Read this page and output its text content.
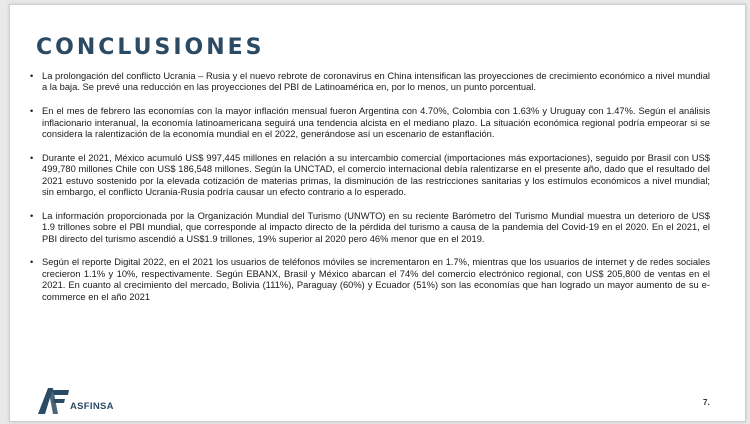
CONCLUSIONES
• La prolongación del conflicto Ucrania – Rusia y el nuevo rebrote de coronavirus en China intensifican las proyecciones de crecimiento económico a nivel mundial a la baja. Se prevé una reducción en las proyecciones del PBI de Latinoamérica en, por lo menos, un punto porcentual.
• En el mes de febrero las economías con la mayor inflación mensual fueron Argentina con 4.70%, Colombia con 1.63% y Uruguay con 1.47%. Según el análisis inflacionario interanual, la economía latinoamericana seguirá una tendencia alcista en el mediano plazo. La situación económica regional podría empeorar si se considera la ralentización de la economía mundial en el 2022, generándose así un escenario de estanflación.
• Durante el 2021, México acumuló US$ 997,445 millones en relación a su intercambio comercial (importaciones más exportaciones), seguido por Brasil con US$ 499,780 millones Chile con US$ 186,548 millones. Según la UNCTAD, el comercio internacional debía ralentizarse en el presente año, dado que el resultado del 2021 estuvo sostenido por la elevada cotización de materias primas, la disminución de las restricciones sanitarias y los estímulos económicos a nivel mundial; sin embargo, el conflicto Ucrania-Rusia podría causar un efecto contrario a lo esperado.
• La información proporcionada por la Organización Mundial del Turismo (UNWTO) en su reciente Barómetro del Turismo Mundial muestra un deterioro de US$ 1.9 trillones sobre el PBI mundial, que corresponde al impacto directo de la pérdida del turismo a causa de la pandemia del Covid-19 en el 2020. En el 2021, el PBI directo del turismo ascendió a US$1.9 trillones, 19% superior al 2020 pero 46% menor que en el 2019.
• Según el reporte Digital 2022, en el 2021 los usuarios de teléfonos móviles se incrementaron en 1.7%, mientras que los usuarios de internet y de redes sociales crecieron 1.1% y 10%, respectivamente. Según EBANX, Brasil y México abarcan el 74% del comercio electrónico regional, con US$ 205,800 de ventas en el 2021. En cuanto al crecimiento del mercado, Bolivia (111%), Paraguay (60%) y Ecuador (51%) son las economías que han logrado un mayor aumento de su e-commerce en el año 2021
ASFINSA	7.
